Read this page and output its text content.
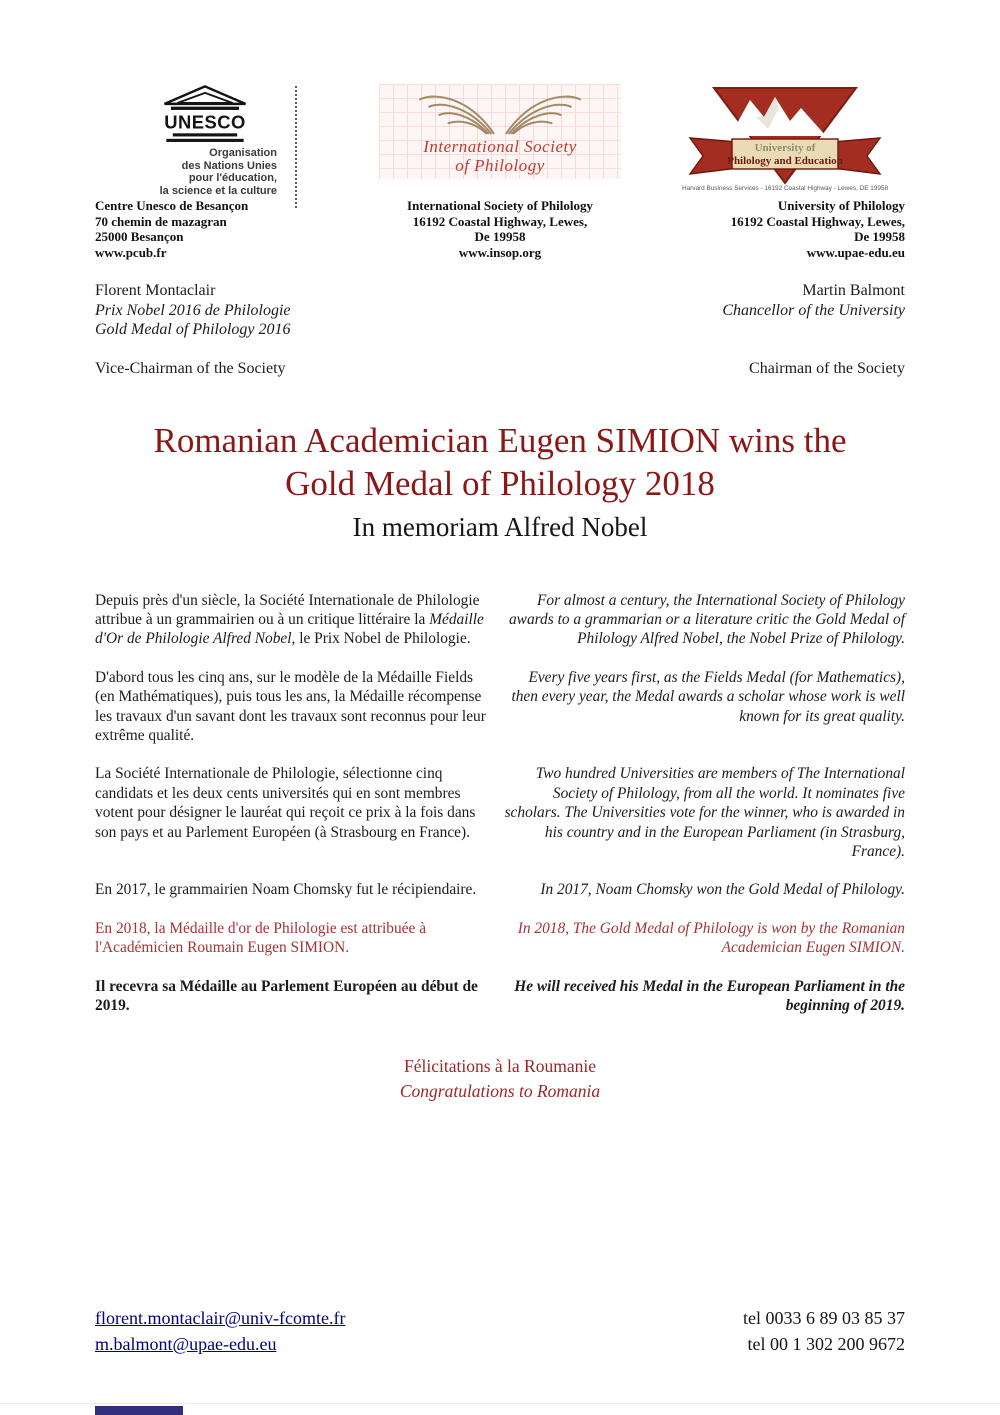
UNESCO
Organisation
des Nations Unies
pour l'éducation,
la science et la culture
Centre Unesco de Besançon
70 chemin de mazagran
25000 Besançon
www.pcub.fr
International Society
of Philology
International Society of Philology
16192 Coastal Highway, Lewes,
De 19958
www.insop.org
University of
Philology and Education
Harvard Business Services - 16192 Coastal Highway - Lewes, DE 19958
University of Philology
16192 Coastal Highway, Lewes,
De 19958
www.upae-edu.eu
Florent Montaclair
Prix Nobel 2016 de Philologie
Gold Medal of Philology 2016
Vice-Chairman of the Society
Martin Balmont
Chancellor of the University
Chairman of the Society
Romanian Academician Eugen SIMION wins the
Gold Medal of Philology 2018
In memoriam Alfred Nobel
Depuis près d'un siècle, la Société Internationale de Philologie attribue à un grammairien ou à un critique littéraire la Médaille d'Or de Philologie Alfred Nobel, le Prix Nobel de Philologie.
For almost a century, the International Society of Philology awards to a grammarian or a literature critic the Gold Medal of Philology Alfred Nobel, the Nobel Prize of Philology.
D'abord tous les cinq ans, sur le modèle de la Médaille Fields (en Mathématiques), puis tous les ans, la Médaille récompense les travaux d'un savant dont les travaux sont reconnus pour leur extrême qualité.
Every five years first, as the Fields Medal (for Mathematics), then every year, the Medal awards a scholar whose work is well known for its great quality.
La Société Internationale de Philologie, sélectionne cinq candidats et les deux cents universités qui en sont membres votent pour désigner le lauréat qui reçoit ce prix à la fois dans son pays et au Parlement Européen (à Strasbourg en France).
Two hundred Universities are members of The International Society of Philology, from all the world. It nominates five scholars. The Universities vote for the winner, who is awarded in his country and in the European Parliament (in Strasburg, France).
En 2017, le grammairien Noam Chomsky fut le récipiendaire.	In 2017, Noam Chomsky won the Gold Medal of Philology.
En 2018, la Médaille d'or de Philologie est attribuée à l'Académicien Roumain Eugen SIMION.
In 2018, The Gold Medal of Philology is won by the Romanian Academician Eugen SIMION.
Il recevra sa Médaille au Parlement Européen au début de 2019.
He will received his Medal in the European Parliament in the beginning of 2019.
Félicitations à la Roumanie
Congratulations to Romania
florent.montaclair@univ-fcomte.fr
m.balmont@upae-edu.eu
tel 0033 6 89 03 85 37
tel 00 1 302 200 9672
